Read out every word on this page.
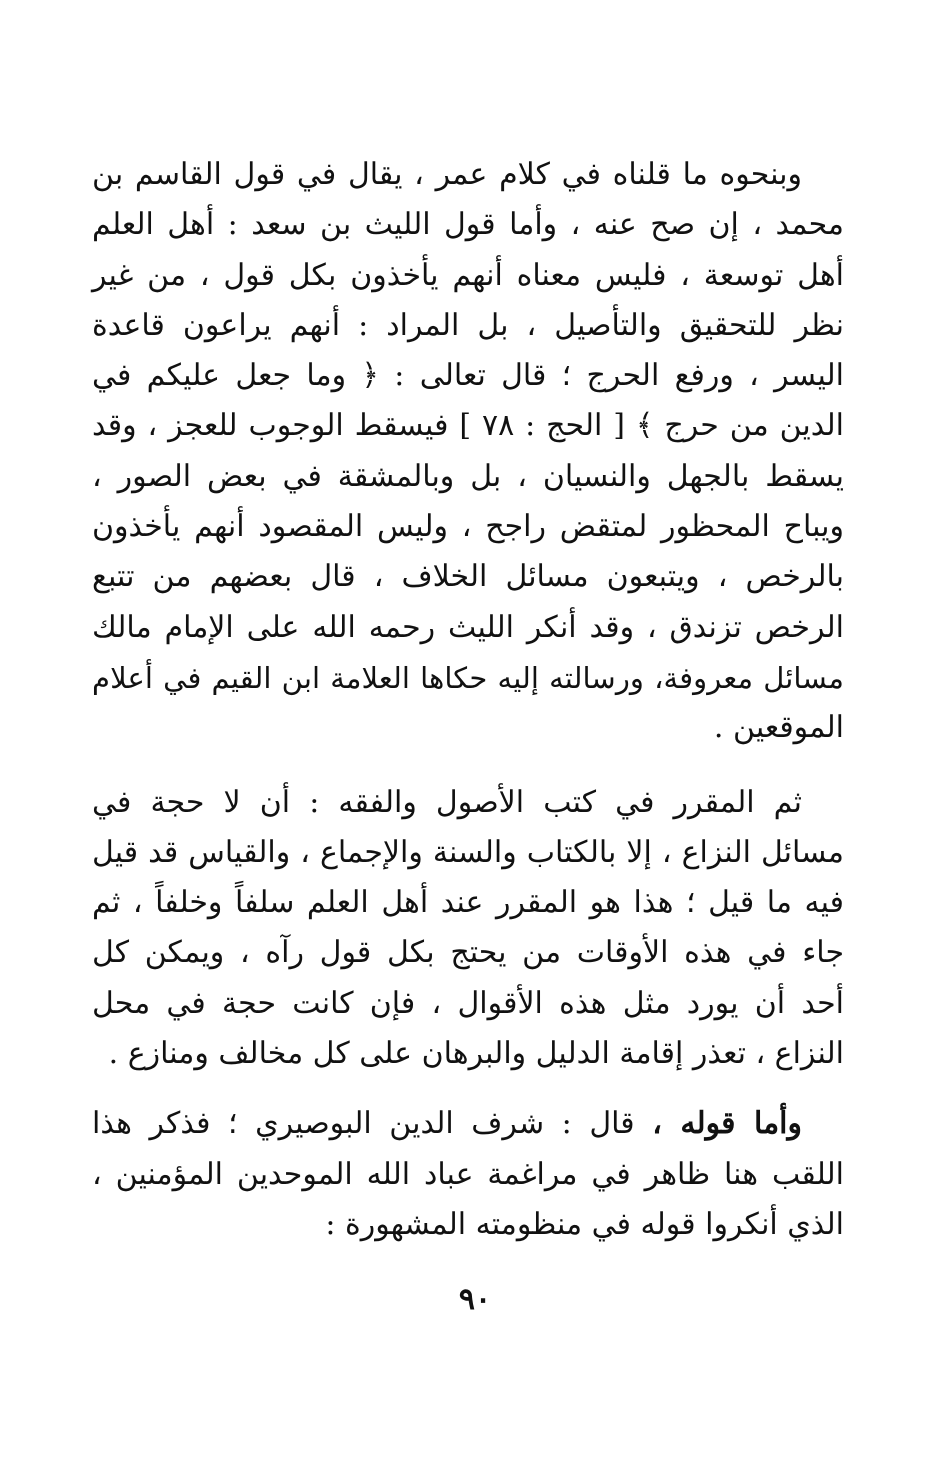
وبنحوه ما قلناه في كلام عمر ، يقال في قول القاسم بن
محمد ، إن صح عنه ، وأما قول الليث بن سعد : أهل العلم
أهل توسعة ، فليس معناه أنهم يأخذون بكل قول ، من غير
نظر للتحقيق والتأصيل ، بل المراد : أنهم يراعون قاعدة
اليسر ، ورفع الحرج ؛ قال تعالى : ﴿ وما جعل عليكم في
الدين من حرج ﴾ [ الحج : ٧٨ ] فيسقط الوجوب للعجز ، وقد
يسقط بالجهل والنسيان ، بل وبالمشقة في بعض الصور ،
ويباح المحظور لمتقض راجح ، وليس المقصود أنهم يأخذون
بالرخص ، ويتبعون مسائل الخلاف ، قال بعضهم من تتبع
الرخص تزندق ، وقد أنكر الليث رحمه الله على الإمام مالك
مسائل معروفة، ورسالته إليه حكاها العلامة ابن القيم في أعلام
الموقعين .

ثم المقرر في كتب الأصول والفقه : أن لا حجة في
مسائل النزاع ، إلا بالكتاب والسنة والإجماع ، والقياس قد قيل
فيه ما قيل ؛ هذا هو المقرر عند أهل العلم سلفاً وخلفاً ، ثم
جاء في هذه الأوقات من يحتج بكل قول رآه ، ويمكن كل
أحد أن يورد مثل هذه الأقوال ، فإن كانت حجة في محل
النزاع ، تعذر إقامة الدليل والبرهان على كل مخالف ومنازع .

وأما قوله ، قال : شرف الدين البوصيري ؛ فذكر هذا
اللقب هنا ظاهر في مراغمة عباد الله الموحدين المؤمنين ،
الذي أنكروا قوله في منظومته المشهورة :

٩٠
